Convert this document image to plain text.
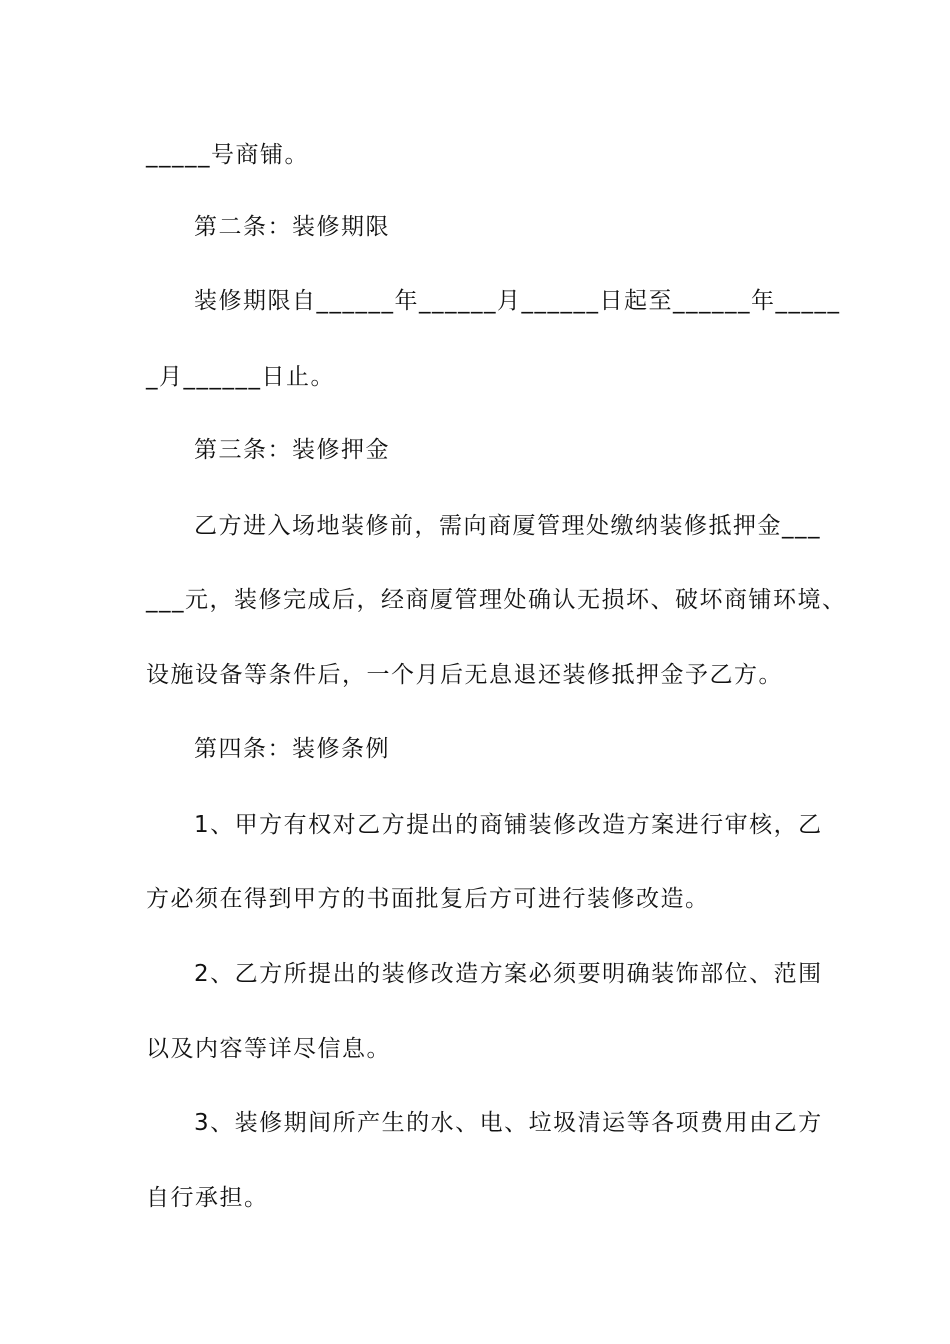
_____号商铺。
第二条：装修期限
装修期限自______年______月______日起至______年_____
_月______日止。
第三条：装修押金
乙方进入场地装修前，需向商厦管理处缴纳装修抵押金___
___元，装修完成后，经商厦管理处确认无损坏、破坏商铺环境、
设施设备等条件后，一个月后无息退还装修抵押金予乙方。
第四条：装修条例
1、甲方有权对乙方提出的商铺装修改造方案进行审核，乙
方必须在得到甲方的书面批复后方可进行装修改造。
2、乙方所提出的装修改造方案必须要明确装饰部位、范围
以及内容等详尽信息。
3、装修期间所产生的水、电、垃圾清运等各项费用由乙方
自行承担。
